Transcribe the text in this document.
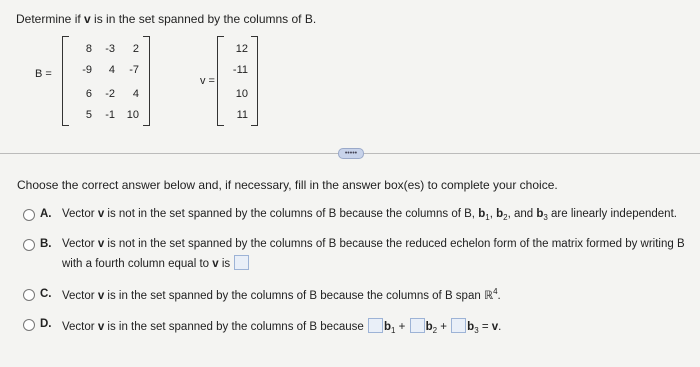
Determine if v is in the set spanned by the columns of B.
B =
8	-3	2
-9	4	-7
6	-2	4
5	-1	10
v =
12
-11
10
11
•••••
Choose the correct answer below and, if necessary, fill in the answer box(es) to complete your choice.
A. Vector v is not in the set spanned by the columns of B because the columns of B, $b_1$, $b_2$, and $b_3$ are linearly independent.
B. Vector v is not in the set spanned by the columns of B because the reduced echelon form of the matrix formed by writing B
with a fourth column equal to v is
C. Vector v is in the set spanned by the columns of B because the columns of B span ℝ$^4$.
D. Vector v is in the set spanned by the columns of B because $b_1 + b_2 + b_3 = v$.
